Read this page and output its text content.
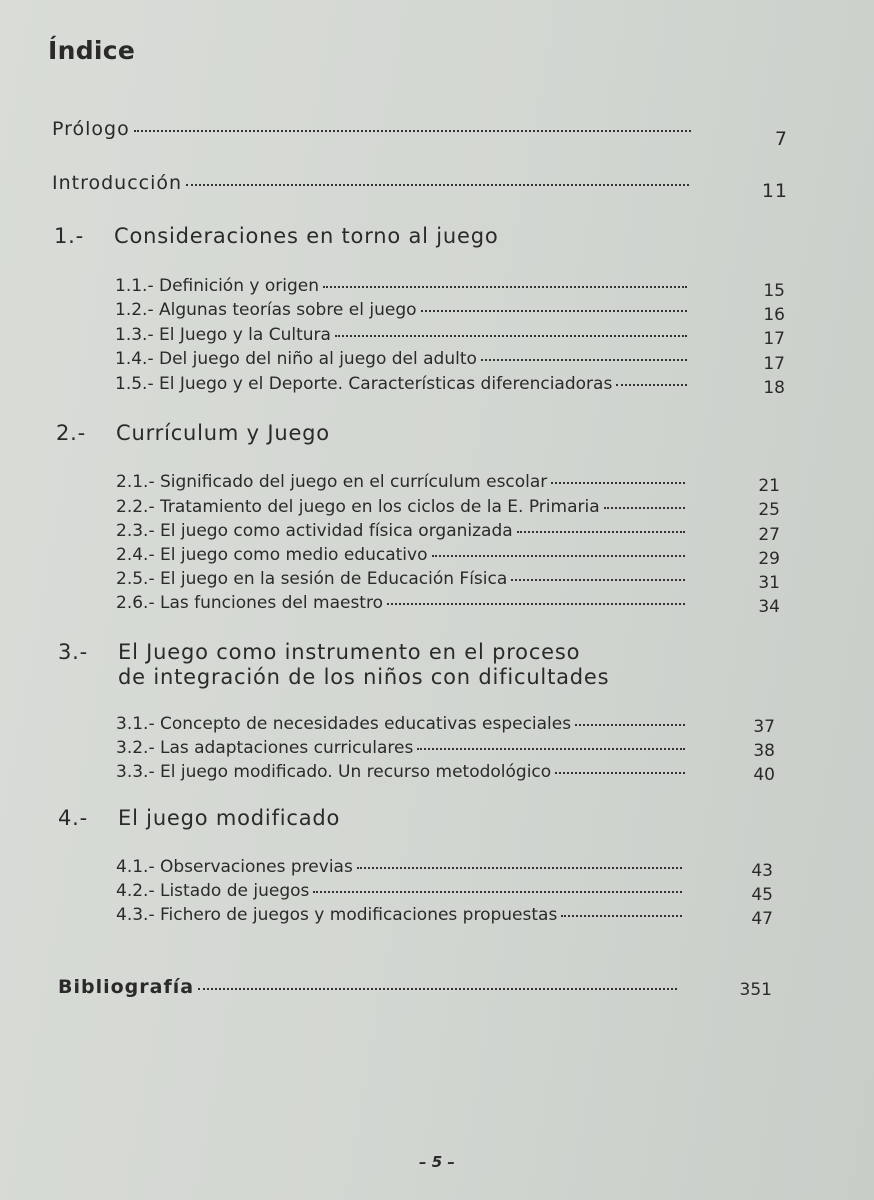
Índice
Prólogo	7
Introducción	11
1.- Consideraciones en torno al juego
1.1.- Definición y origen	15
1.2.- Algunas teorías sobre el juego	16
1.3.- El Juego y la Cultura	17
1.4.- Del juego del niño al juego del adulto	17
1.5.- El Juego y el Deporte. Características diferenciadoras	18
2.- Currículum y Juego
2.1.- Significado del juego en el currículum escolar	21
2.2.- Tratamiento del juego en los ciclos de la E. Primaria	25
2.3.- El juego como actividad física organizada	27
2.4.- El juego como medio educativo	29
2.5.- El juego en la sesión de Educación Física	31
2.6.- Las funciones del maestro	34
3.- El Juego como instrumento en el proceso
de integración de los niños con dificultades
3.1.- Concepto de necesidades educativas especiales	37
3.2.- Las adaptaciones curriculares	38
3.3.- El juego modificado. Un recurso metodológico	40
4.- El juego modificado
4.1.- Observaciones previas	43
4.2.- Listado de juegos	45
4.3.- Fichero de juegos y modificaciones propuestas	47
Bibliografía	351
– 5 –
